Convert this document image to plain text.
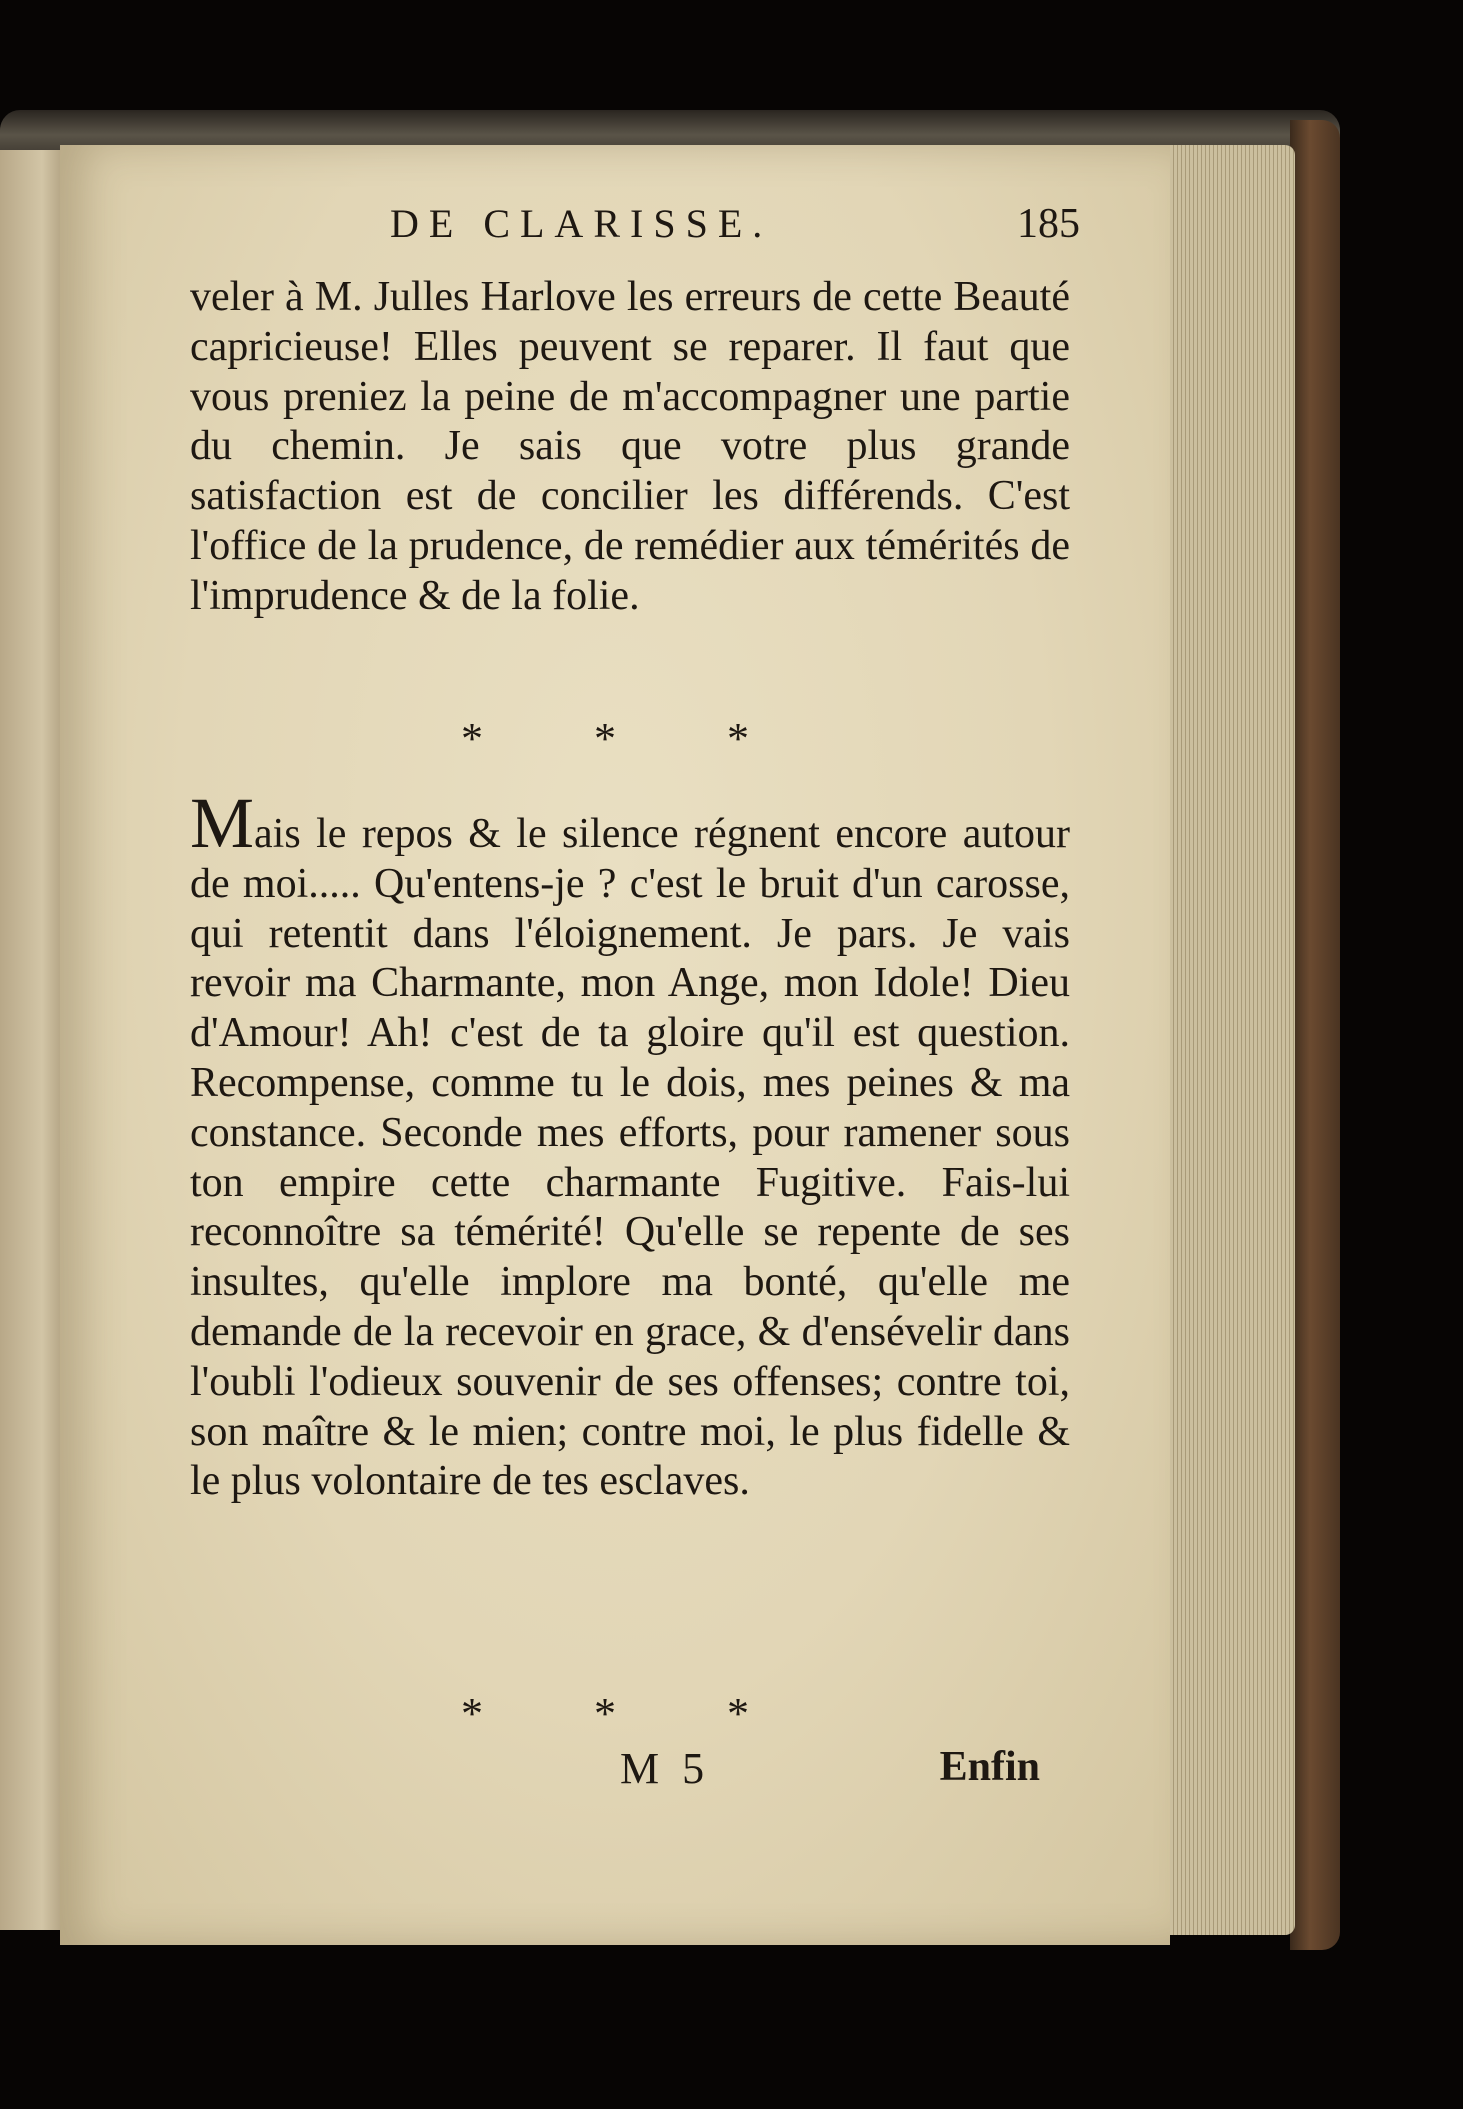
DE CLARISSE.	185
veler à M. Julles Harlove les erreurs de cette Beauté capricieuse! Elles peuvent se reparer. Il faut que vous preniez la peine de m'accompagner une partie du chemin. Je sais que votre plus grande satisfaction est de concilier les différends. C'est l'office de la prudence, de remédier aux témérités de l'imprudence & de la folie.
* * *
Mais le repos & le silence régnent encore autour de moi..... Qu'entens-je ? c'est le bruit d'un carosse, qui retentit dans l'éloignement. Je pars. Je vais revoir ma Charmante, mon Ange, mon Idole! Dieu d'Amour! Ah! c'est de ta gloire qu'il est question. Recompense, comme tu le dois, mes peines & ma constance. Seconde mes efforts, pour ramener sous ton empire cette charmante Fugitive. Fais-lui reconnoître sa témérité! Qu'elle se repente de ses insultes, qu'elle implore ma bonté, qu'elle me demande de la recevoir en grace, & d'ensévelir dans l'oubli l'odieux souvenir de ses offenses; contre toi, son maître & le mien; contre moi, le plus fidelle & le plus volontaire de tes esclaves.
* * *
M 5	Enfin
